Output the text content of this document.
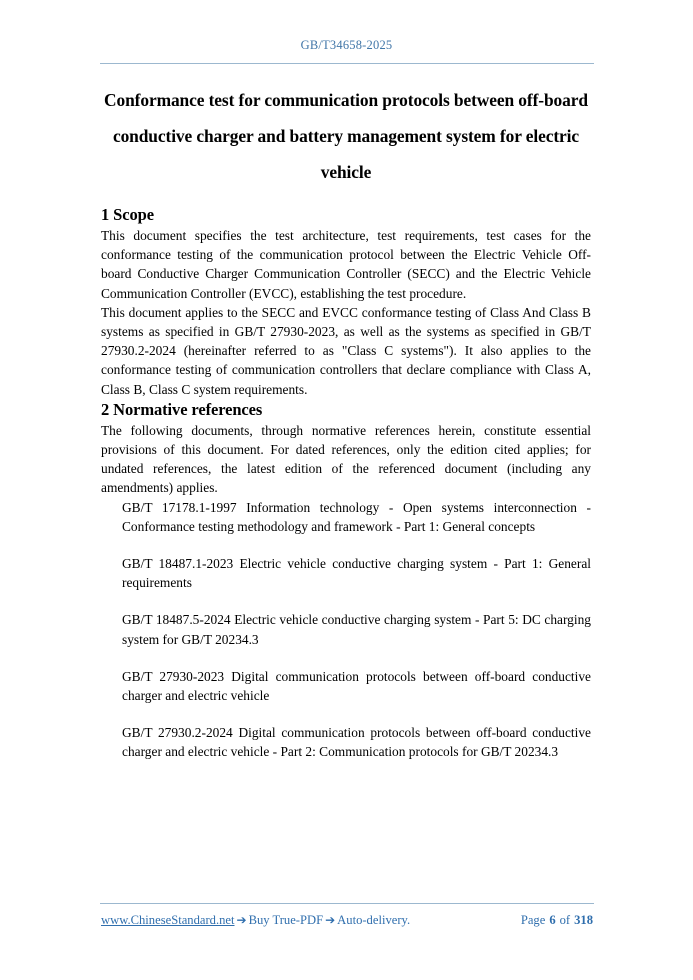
GB/T34658-2025
Conformance test for communication protocols between off-board conductive charger and battery management system for electric vehicle
1 Scope

This document specifies the test architecture, test requirements, test cases for the conformance testing of the communication protocol between the Electric Vehicle Off-board Conductive Charger Communication Controller (SECC) and the Electric Vehicle Communication Controller (EVCC), establishing the test procedure.

This document applies to the SECC and EVCC conformance testing of Class And Class B systems as specified in GB/T 27930-2023, as well as the systems as specified in GB/T 27930.2-2024 (hereinafter referred to as "Class C systems"). It also applies to the conformance testing of communication controllers that declare compliance with Class A, Class B, Class C system requirements.

2 Normative references

The following documents, through normative references herein, constitute essential provisions of this document. For dated references, only the edition cited applies; for undated references, the latest edition of the referenced document (including any amendments) applies.

GB/T 17178.1-1997 Information technology - Open systems interconnection - Conformance testing methodology and framework - Part 1: General concepts
GB/T 18487.1-2023 Electric vehicle conductive charging system - Part 1: General requirements
GB/T 18487.5-2024 Electric vehicle conductive charging system - Part 5: DC charging system for GB/T 20234.3
GB/T 27930-2023 Digital communication protocols between off-board conductive charger and electric vehicle
GB/T 27930.2-2024 Digital communication protocols between off-board conductive charger and electric vehicle - Part 2: Communication protocols for GB/T 20234.3
www.ChineseStandard.net ➔ Buy True-PDF ➔ Auto-delivery.	Page 6 of 318
